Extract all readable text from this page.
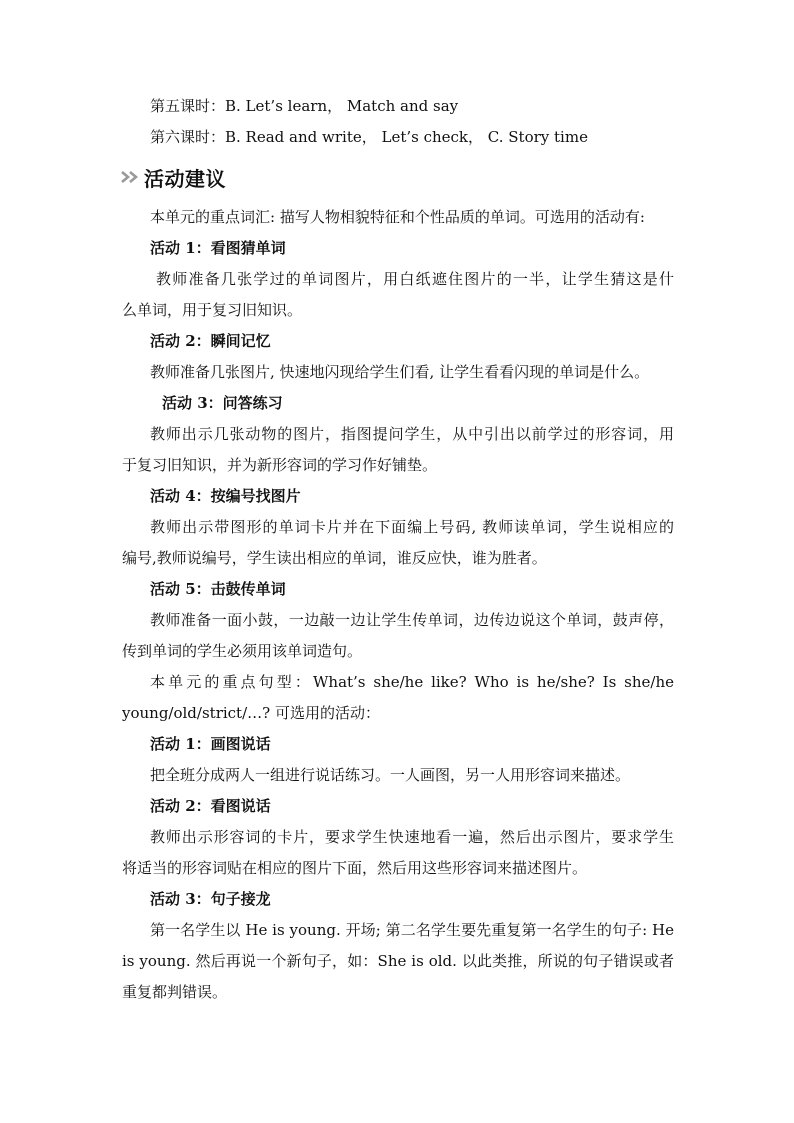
第五课时：B. Let’s learn， Match and say
第六课时：B. Read and write， Let’s check， C. Story time
活动建议
本单元的重点词汇: 描写人物相貌特征和个性品质的单词。可选用的活动有:
活动 1：看图猜单词
教师准备几张学过的单词图片，用白纸遮住图片的一半，让学生猜这是什
么单词，用于复习旧知识。
活动 2：瞬间记忆
教师准备几张图片, 快速地闪现给学生们看, 让学生看看闪现的单词是什么。
活动 3：问答练习
教师出示几张动物的图片，指图提问学生，从中引出以前学过的形容词，用
于复习旧知识，并为新形容词的学习作好铺垫。
活动 4：按编号找图片
教师出示带图形的单词卡片并在下面编上号码, 教师读单词，学生说相应的
编号,教师说编号，学生读出相应的单词，谁反应快，谁为胜者。
活动 5：击鼓传单词
教师准备一面小鼓，一边敲一边让学生传单词，边传边说这个单词，鼓声停，
传到单词的学生必须用该单词造句。
本单元的重点句型：What’s she/he like? Who is he/she? Is she/he
young/old/strict/…? 可选用的活动：
活动 1：画图说话
把全班分成两人一组进行说话练习。一人画图，另一人用形容词来描述。
活动 2：看图说话
教师出示形容词的卡片，要求学生快速地看一遍，然后出示图片，要求学生
将适当的形容词贴在相应的图片下面，然后用这些形容词来描述图片。
活动 3：句子接龙
第一名学生以 He is young. 开场; 第二名学生要先重复第一名学生的句子: He
is young. 然后再说一个新句子，如：She is old. 以此类推，所说的句子错误或者
重复都判错误。
